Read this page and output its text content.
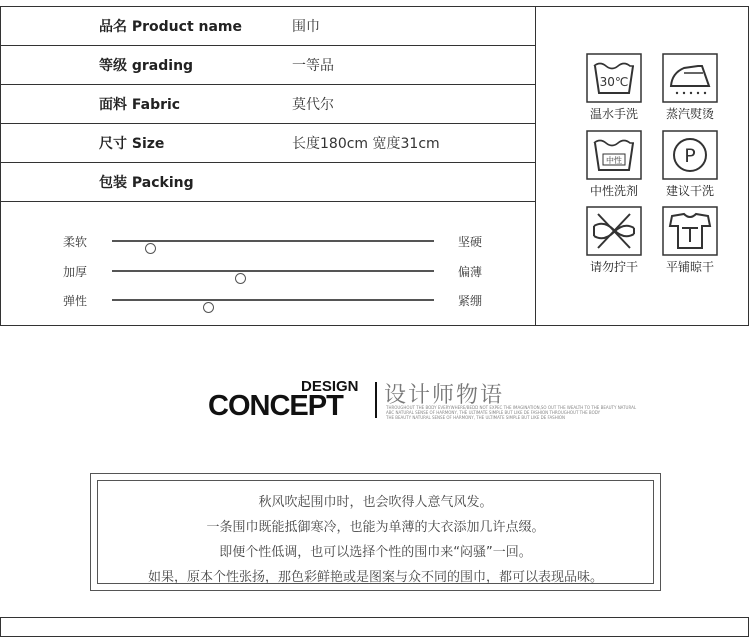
品名 Product name	围巾
等级 grading	一等品
面料 Fabric	莫代尔
尺寸 Size	长度180cm 宽度31cm
包装 Packing
柔软	坚硬
加厚	偏薄
弹性	紧绷
30℃
温水手洗	蒸汽熨烫
中性
中性洗剂
P
建议干洗
请勿拧干	平铺晾干
DESIGN
CONCEPT 设计师物语
THROUGHOUT THE BODY EVERYWHERE/BEDD NOT EXPEC THE IMAGINATION,SO OUT THE WEALTH TO THE BEAUTY NATURAL
ABC NATURAL SENSE OF HARMONY, THE ULTIMATE SIMPLE BUT LIKE DE FASHION THROUGHOUT THE BODY
THE BEAUTY NATURAL SENSE OF HARMONY, THE ULTIMATE SIMPLE BUT LIKE DE FASHION
秋风吹起围巾时，也会吹得人意气风发。
一条围巾既能抵御寒冷，也能为单薄的大衣添加几许点缀。
即便个性低调，也可以选择个性的围巾来“闷骚”一回。
如果，原本个性张扬，那色彩鲜艳或是图案与众不同的围巾，都可以表现品味。
